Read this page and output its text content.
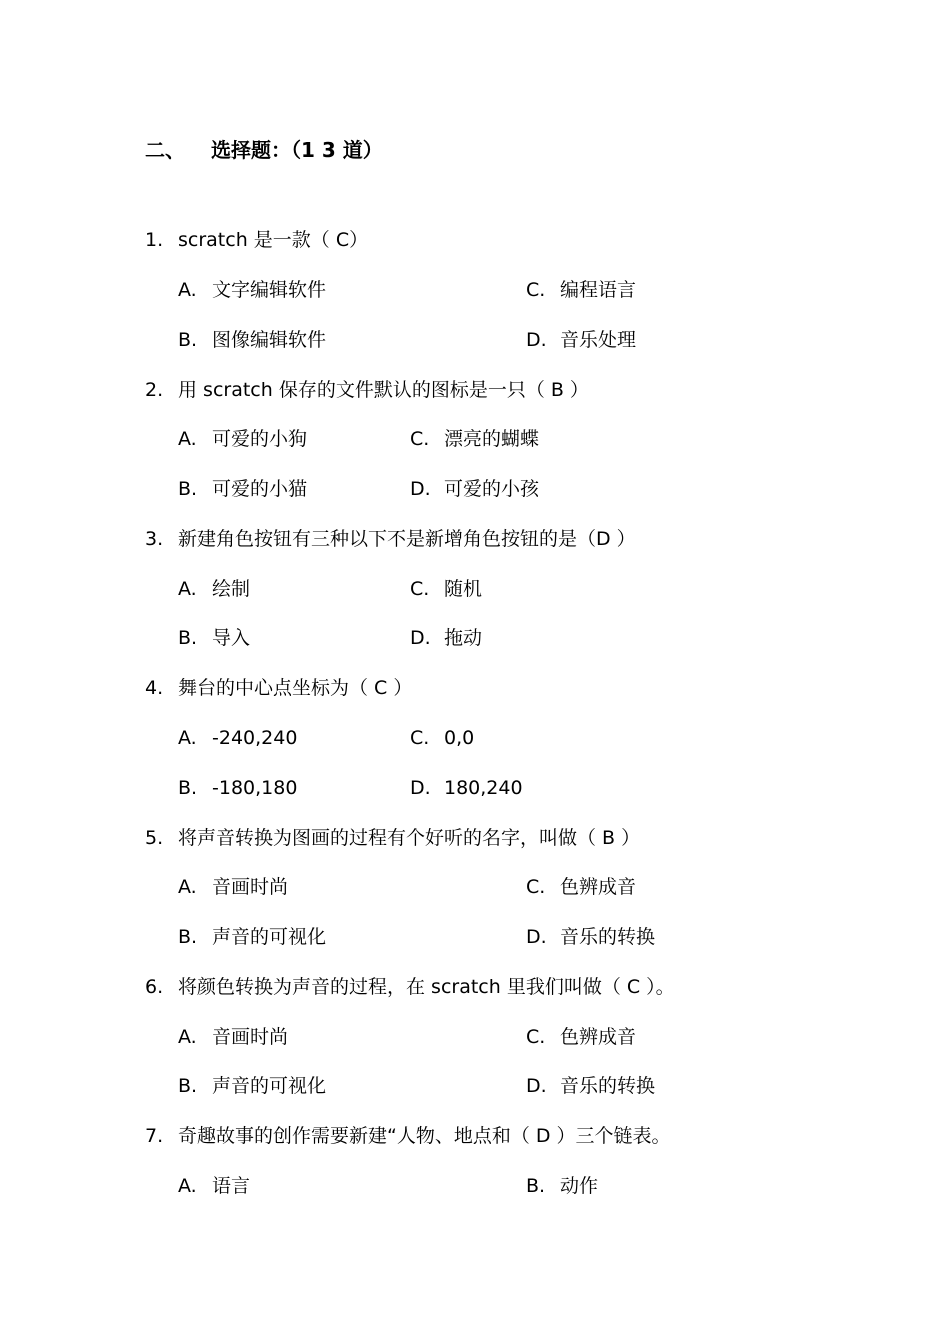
二、 选择题：（1 3 道）
1. scratch 是一款（ C）
A. 文字编辑软件	C. 编程语言
B. 图像编辑软件	D. 音乐处理
2. 用 scratch 保存的文件默认的图标是一只（ B ）
A. 可爱的小狗	C. 漂亮的蝴蝶
B. 可爱的小猫	D. 可爱的小孩
3. 新建角色按钮有三种以下不是新增角色按钮的是（D ）
A. 绘制	C. 随机
B. 导入	D. 拖动
4. 舞台的中心点坐标为（ C ）
A. -240,240	C. 0,0
B. -180,180	D. 180,240
5. 将声音转换为图画的过程有个好听的名字，叫做（ B ）
A. 音画时尚	C. 色辨成音
B. 声音的可视化	D. 音乐的转换
6. 将颜色转换为声音的过程，在 scratch 里我们叫做（ C ）。
A. 音画时尚	C. 色辨成音
B. 声音的可视化	D. 音乐的转换
7. 奇趣故事的创作需要新建“人物、地点和（ D ）三个链表。
A. 语言	B. 动作
